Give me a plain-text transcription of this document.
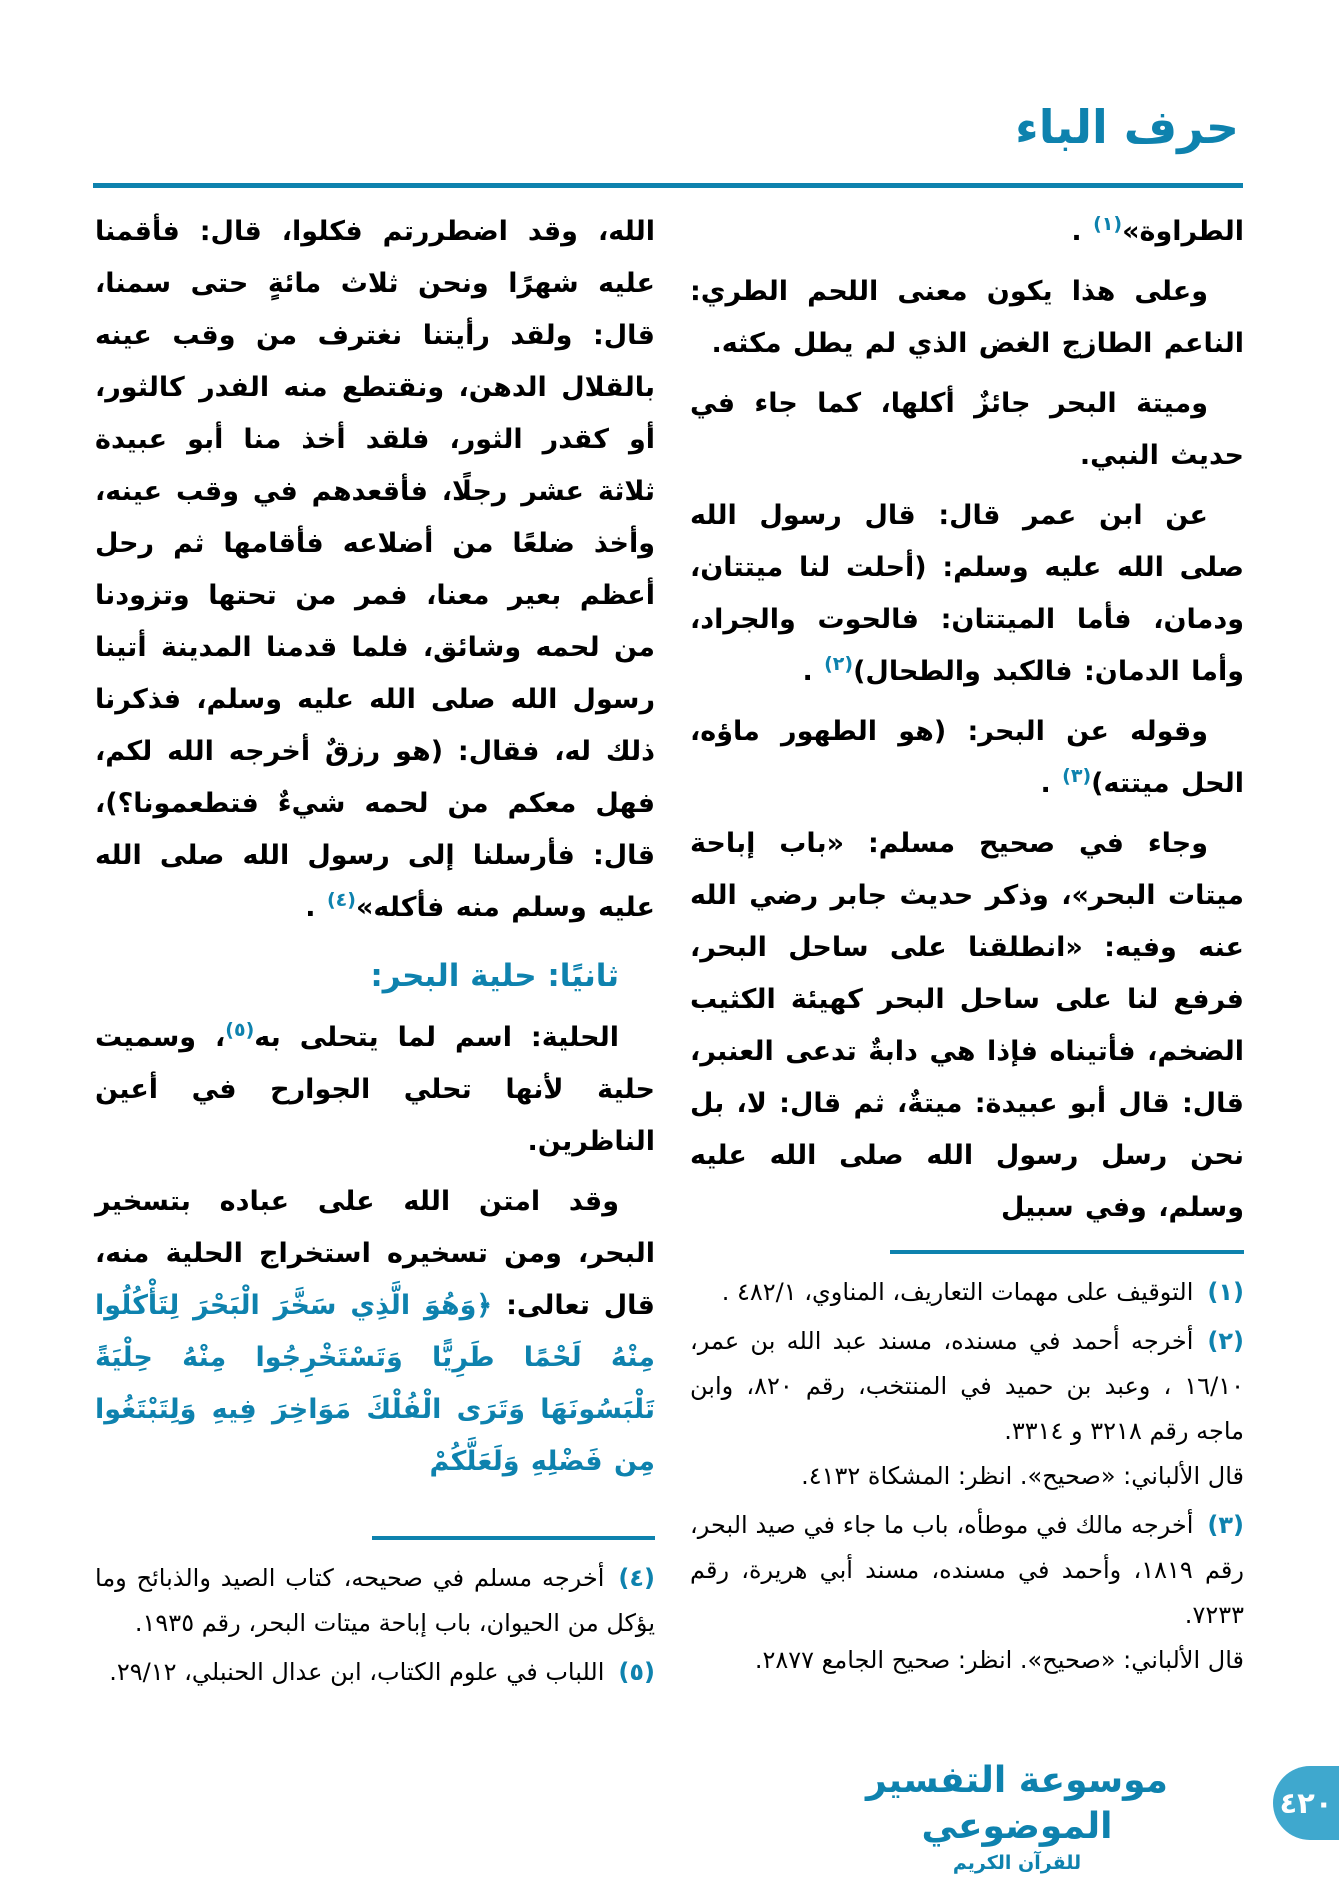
حرف الباء

الطراوة»$^{(١)}$ .

وعلى هذا يكون معنى اللحم الطري: الناعم الطازج الغض الذي لم يطل مكثه.

وميتة البحر جائزٌ أكلها، كما جاء في حديث النبي.

عن ابن عمر قال: قال رسول الله صلى الله عليه وسلم: (أحلت لنا ميتتان، ودمان، فأما الميتتان: فالحوت والجراد، وأما الدمان: فالكبد والطحال)$^{(٢)}$ .

وقوله عن البحر: (هو الطهور ماؤه، الحل ميتته)$^{(٣)}$ .

وجاء في صحيح مسلم: «باب إباحة ميتات البحر»، وذكر حديث جابر رضي الله عنه وفيه: «انطلقنا على ساحل البحر، فرفع لنا على ساحل البحر كهيئة الكثيب الضخم، فأتيناه فإذا هي دابةٌ تدعى العنبر، قال: قال أبو عبيدة: ميتةٌ، ثم قال: لا، بل نحن رسل رسول الله صلى الله عليه وسلم، وفي سبيل

الله، وقد اضطررتم فكلوا، قال: فأقمنا عليه شهرًا ونحن ثلاث مائةٍ حتى سمنا، قال: ولقد رأيتنا نغترف من وقب عينه بالقلال الدهن، ونقتطع منه الفدر كالثور، أو كقدر الثور، فلقد أخذ منا أبو عبيدة ثلاثة عشر رجلًا، فأقعدهم في وقب عينه، وأخذ ضلعًا من أضلاعه فأقامها ثم رحل أعظم بعير معنا، فمر من تحتها وتزودنا من لحمه وشائق، فلما قدمنا المدينة أتينا رسول الله صلى الله عليه وسلم، فذكرنا ذلك له، فقال: (هو رزقٌ أخرجه الله لكم، فهل معكم من لحمه شيءٌ فتطعمونا؟)، قال: فأرسلنا إلى رسول الله صلى الله عليه وسلم منه فأكله»$^{(٤)}$ .

ثانيًا: حلية البحر:

الحلية: اسم لما يتحلى به$^{(٥)}$، وسميت حلية لأنها تحلي الجوارح في أعين الناظرين.

وقد امتن الله على عباده بتسخير البحر، ومن تسخيره استخراج الحلية منه، قال تعالى: ﴿وَهُوَ الَّذِي سَخَّرَ الْبَحْرَ لِتَأْكُلُوا مِنْهُ لَحْمًا طَرِيًّا وَتَسْتَخْرِجُوا مِنْهُ حِلْيَةً تَلْبَسُونَهَا وَتَرَى الْفُلْكَ مَوَاخِرَ فِيهِ وَلِتَبْتَغُوا مِن فَضْلِهِ وَلَعَلَّكُمْ

(١)التوقيف على مهمات التعاريف، المناوي، ٤٨٢/١ .
(٢)أخرجه أحمد في مسنده، مسند عبد الله بن عمر، ١٦/١٠ ، وعبد بن حميد في المنتخب، رقم ٨٢٠، وابن ماجه رقم ٣٢١٨ و ٣٣١٤.
قال الألباني: «صحيح». انظر: المشكاة ٤١٣٢.
(٣)أخرجه مالك في موطأه، باب ما جاء في صيد البحر، رقم ١٨١٩، وأحمد في مسنده، مسند أبي هريرة، رقم ٧٢٣٣.
قال الألباني: «صحيح». انظر: صحيح الجامع ٢٨٧٧.
(٤)أخرجه مسلم في صحيحه، كتاب الصيد والذبائح وما يؤكل من الحيوان، باب إباحة ميتات البحر، رقم ١٩٣٥.
(٥)اللباب في علوم الكتاب، ابن عدال الحنبلي، ٢٩/١٢.
موسوعة التفسير الموضوعي
للقرآن الكريم
٤٢٠
